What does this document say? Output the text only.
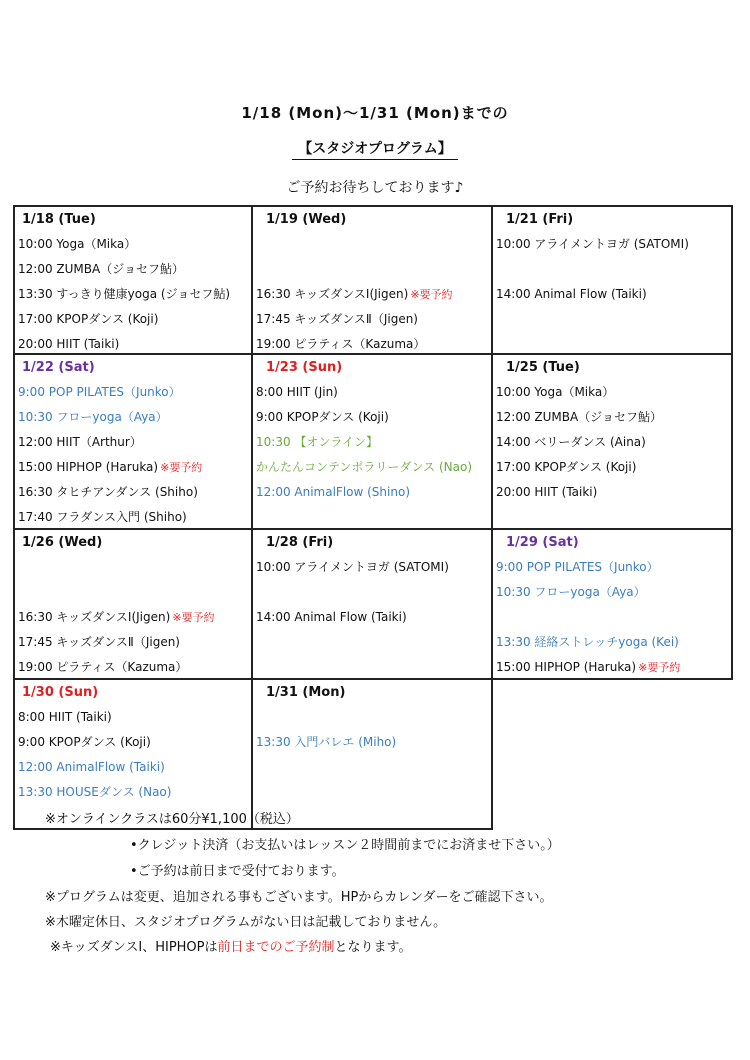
1/18 (Mon)～1/31 (Mon)までの
【スタジオプログラム】
ご予約お待ちしております♪
1/18 (Tue)
10:00 Yoga（Mika）
12:00 ZUMBA（ジョセフ鮎）
13:30 すっきり健康yoga (ジョセフ鮎)
17:00 KPOPダンス (Koji)
20:00 HIIT (Taiki)
1/19 (Wed)
16:30 キッズダンスⅠ(Jigen) ※要予約
17:45 キッズダンスⅡ（Jigen)
19:00 ピラティス（Kazuma）
1/21 (Fri)
10:00 アライメントヨガ (SATOMI)
14:00 Animal Flow (Taiki)
1/22 (Sat)
9:00 POP PILATES（Junko）
10:30 フローyoga（Aya）
12:00 HIIT（Arthur）
15:00 HIPHOP (Haruka) ※要予約
16:30 タヒチアンダンス (Shiho)
17:40 フラダンス入門 (Shiho)
1/23 (Sun)
8:00 HIIT (Jin)
9:00 KPOPダンス (Koji)
10:30 【オンライン】
かんたんコンテンポラリーダンス (Nao)
12:00 AnimalFlow (Shino)
1/25 (Tue)
10:00 Yoga（Mika）
12:00 ZUMBA（ジョセフ鮎）
14:00 ベリーダンス (Aina)
17:00 KPOPダンス (Koji)
20:00 HIIT (Taiki)
1/26 (Wed)
16:30 キッズダンスⅠ(Jigen) ※要予約
17:45 キッズダンスⅡ（Jigen)
19:00 ピラティス（Kazuma）
1/28 (Fri)
10:00 アライメントヨガ (SATOMI)
14:00 Animal Flow (Taiki)
1/29 (Sat)
9:00 POP PILATES（Junko）
10:30 フローyoga（Aya）
13:30 経絡ストレッチyoga (Kei)
15:00 HIPHOP (Haruka) ※要予約
1/30 (Sun)
8:00 HIIT (Taiki)
9:00 KPOPダンス (Koji)
12:00 AnimalFlow (Taiki)
13:30 HOUSEダンス (Nao)
1/31 (Mon)
13:30 入門バレエ (Miho)
※オンラインクラスは60分¥1,100（税込）
•クレジット決済（お支払いはレッスン２時間前までにお済ませ下さい。）
•ご予約は前日まで受付ております。
※プログラムは変更、追加される事もございます。HPからカレンダーをご確認下さい。
※木曜定休日、スタジオプログラムがない日は記載しておりません。
※キッズダンスⅠ、HIPHOPは前日までのご予約制となります。
